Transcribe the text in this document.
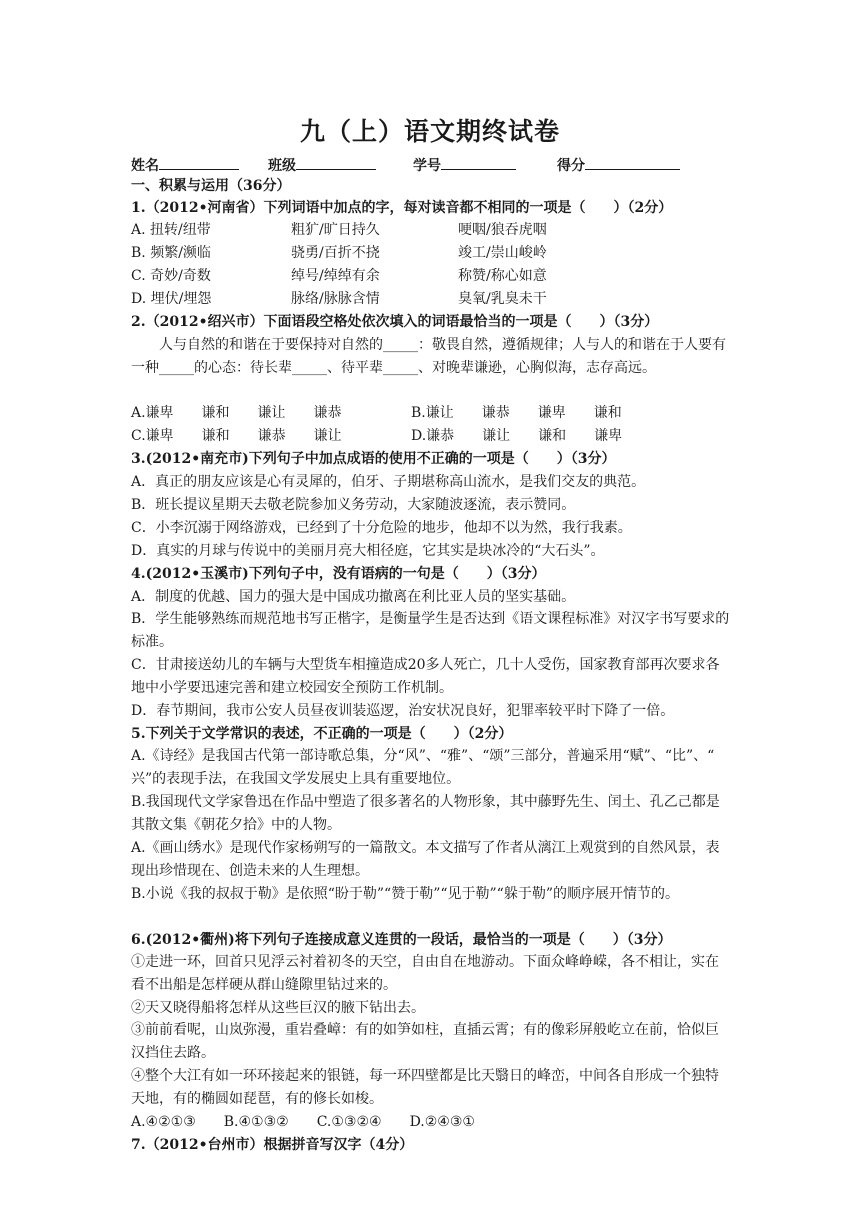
九（上）语文期终试卷
姓名	班级	学号	得分
一、积累与运用（36分）
1.（2012•河南省）下列词语中加点的字，每对读音都不相同的一项是（　　）（2分）
A. 扭转/纽带	粗犷/旷日持久	哽咽/狼吞虎咽
B. 频繁/濒临	骁勇/百折不挠	竣工/崇山峻岭
C. 奇妙/奇数	绰号/绰绰有余	称赞/称心如意
D. 埋伏/埋怨	脉络/脉脉含情	臭氧/乳臭未干
2.（2012•绍兴市）下面语段空格处依次填入的词语最恰当的一项是（　　）（3分）
人与自然的和谐在于要保持对自然的_____：敬畏自然，遵循规律；人与人的和谐在于人要有一种_____的心态：待长辈_____、待平辈_____、对晚辈谦逊，心胸似海，志存高远。
A.谦卑　　谦和　　谦让　　谦恭	B.谦让　　谦恭　　谦卑　　谦和
C.谦卑　　谦和　　谦恭　　谦让	D.谦恭　　谦让　　谦和　　谦卑
3.(2012•南充市)下列句子中加点成语的使用不正确的一项是（　　）（3分）
A．真正的朋友应该是心有灵犀的，伯牙、子期堪称高山流水，是我们交友的典范。
B．班长提议星期天去敬老院参加义务劳动，大家随波逐流，表示赞同。
C．小李沉溺于网络游戏，已经到了十分危险的地步，他却不以为然，我行我素。
D．真实的月球与传说中的美丽月亮大相径庭，它其实是块冰冷的“大石头”。
4.(2012•玉溪市)下列句子中，没有语病的一句是（　　）（3分）
A．制度的优越、国力的强大是中国成功撤离在利比亚人员的坚实基础。
B．学生能够熟练而规范地书写正楷字，是衡量学生是否达到《语文课程标准》对汉字书写要求的标准。
C．甘肃接送幼儿的车辆与大型货车相撞造成20多人死亡，几十人受伤，国家教育部再次要求各地中小学要迅速完善和建立校园安全预防工作机制。
D．春节期间，我市公安人员昼夜训装巡逻，治安状况良好，犯罪率较平时下降了一倍。
5.下列关于文学常识的表述，不正确的一项是（　　）（2分）
A.《诗经》是我国古代第一部诗歌总集，分“风”、“雅”、“颂”三部分，普遍采用“赋”、“比”、“ 兴”的表现手法，在我国文学发展史上具有重要地位。
B.我国现代文学家鲁迅在作品中塑造了很多著名的人物形象，其中藤野先生、闰土、孔乙己都是其散文集《朝花夕拾》中的人物。
A.《画山绣水》是现代作家杨朔写的一篇散文。本文描写了作者从漓江上观赏到的自然风景，表现出珍惜现在、创造未来的人生理想。
B.小说《我的叔叔于勒》是依照“盼于勒”“赞于勒”“见于勒”“躲于勒”的顺序展开情节的。
6.(2012•衢州)将下列句子连接成意义连贯的一段话，最恰当的一项是（　　）（3分）
①走进一环，回首只见浮云衬着初冬的天空，自由自在地游动。下面众峰峥嵘，各不相让，实在看不出船是怎样硬从群山缝隙里钻过来的。
②天又晓得船将怎样从这些巨汉的腋下钻出去。
③前前看呢，山岚弥漫，重岩叠嶂：有的如笋如柱，直插云霄；有的像彩屏般屹立在前，恰似巨汉挡住去路。
④整个大江有如一环环接起来的银链，每一环四壁都是比天翳日的峰峦，中间各自形成一个独特天地，有的椭圆如琵琶，有的修长如梭。
A.④②①③　　B.④①③②　　C.①③②④　　D.②④③①
7.（2012•台州市）根据拼音写汉字（4分）
